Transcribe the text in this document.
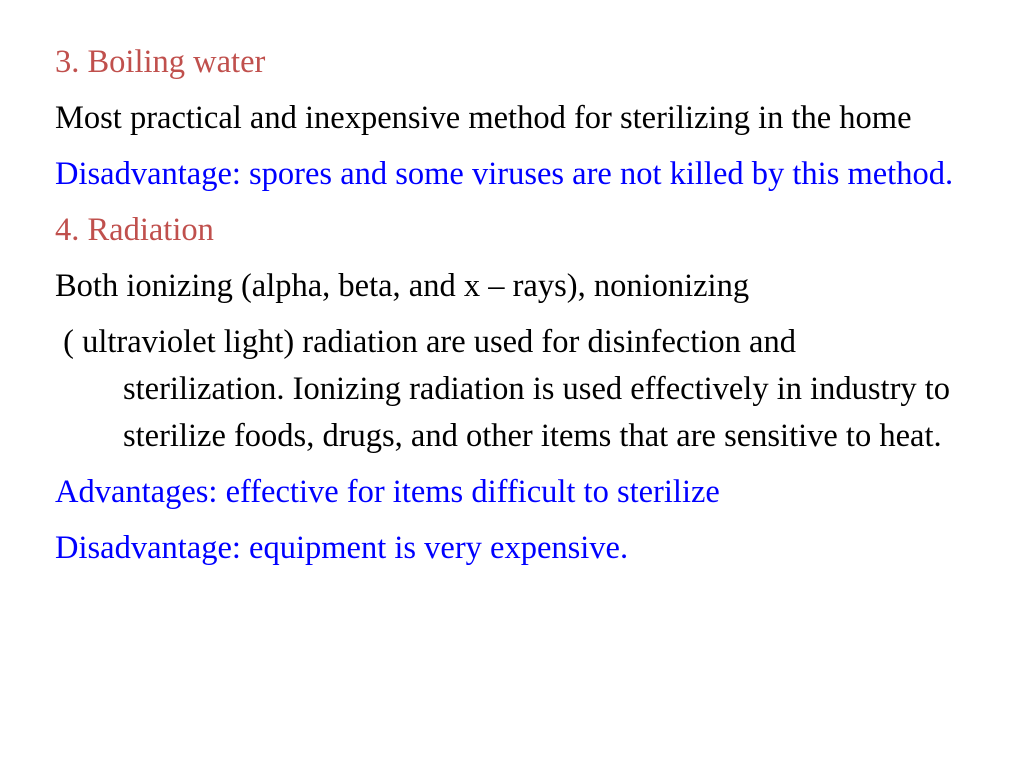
3. Boiling water

Most practical and inexpensive method for sterilizing in the home

Disadvantage: spores and some viruses are not killed by this method.

4. Radiation

Both ionizing (alpha, beta, and x – rays), nonionizing

( ultraviolet light) radiation are used for disinfection and sterilization. Ionizing radiation is used effectively in industry to sterilize foods, drugs, and other items that are sensitive to heat.

Advantages: effective for items difficult to sterilize

Disadvantage: equipment is very expensive.
